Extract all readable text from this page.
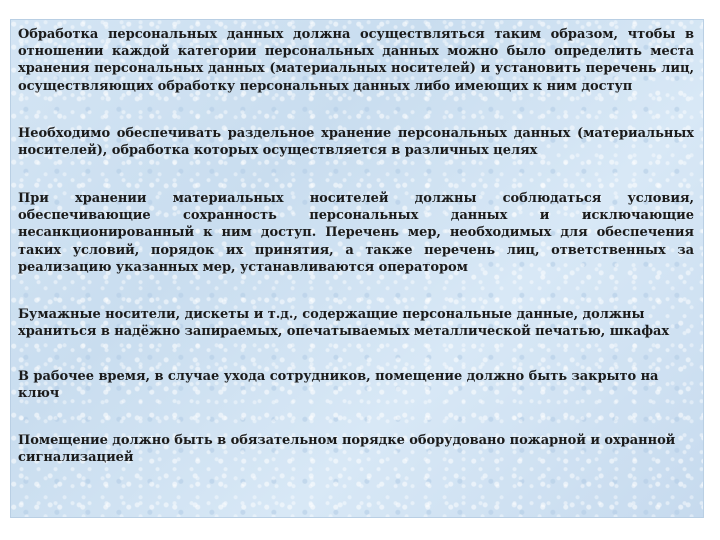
Обработка персональных данных должна осуществляться таким образом, чтобы в отношении каждой категории персональных данных можно было определить места хранения персональных данных (материальных носителей) и установить перечень лиц, осуществляющих обработку персональных данных либо имеющих к ним доступ

Необходимо обеспечивать раздельное хранение персональных данных (материальных носителей), обработка которых осуществляется в различных целях

При хранении материальных носителей должны соблюдаться условия, обеспечивающие сохранность персональных данных и исключающие несанкционированный к ним доступ. Перечень мер, необходимых для обеспечения таких условий, порядок их принятия, а также перечень лиц, ответственных за реализацию указанных мер, устанавливаются оператором

Бумажные носители, дискеты и т.д., содержащие персональные данные, должны храниться в надёжно запираемых, опечатываемых металлической печатью, шкафах

В рабочее время, в случае ухода сотрудников, помещение должно быть закрыто на ключ

Помещение должно быть в обязательном порядке оборудовано пожарной и охранной сигнализацией
